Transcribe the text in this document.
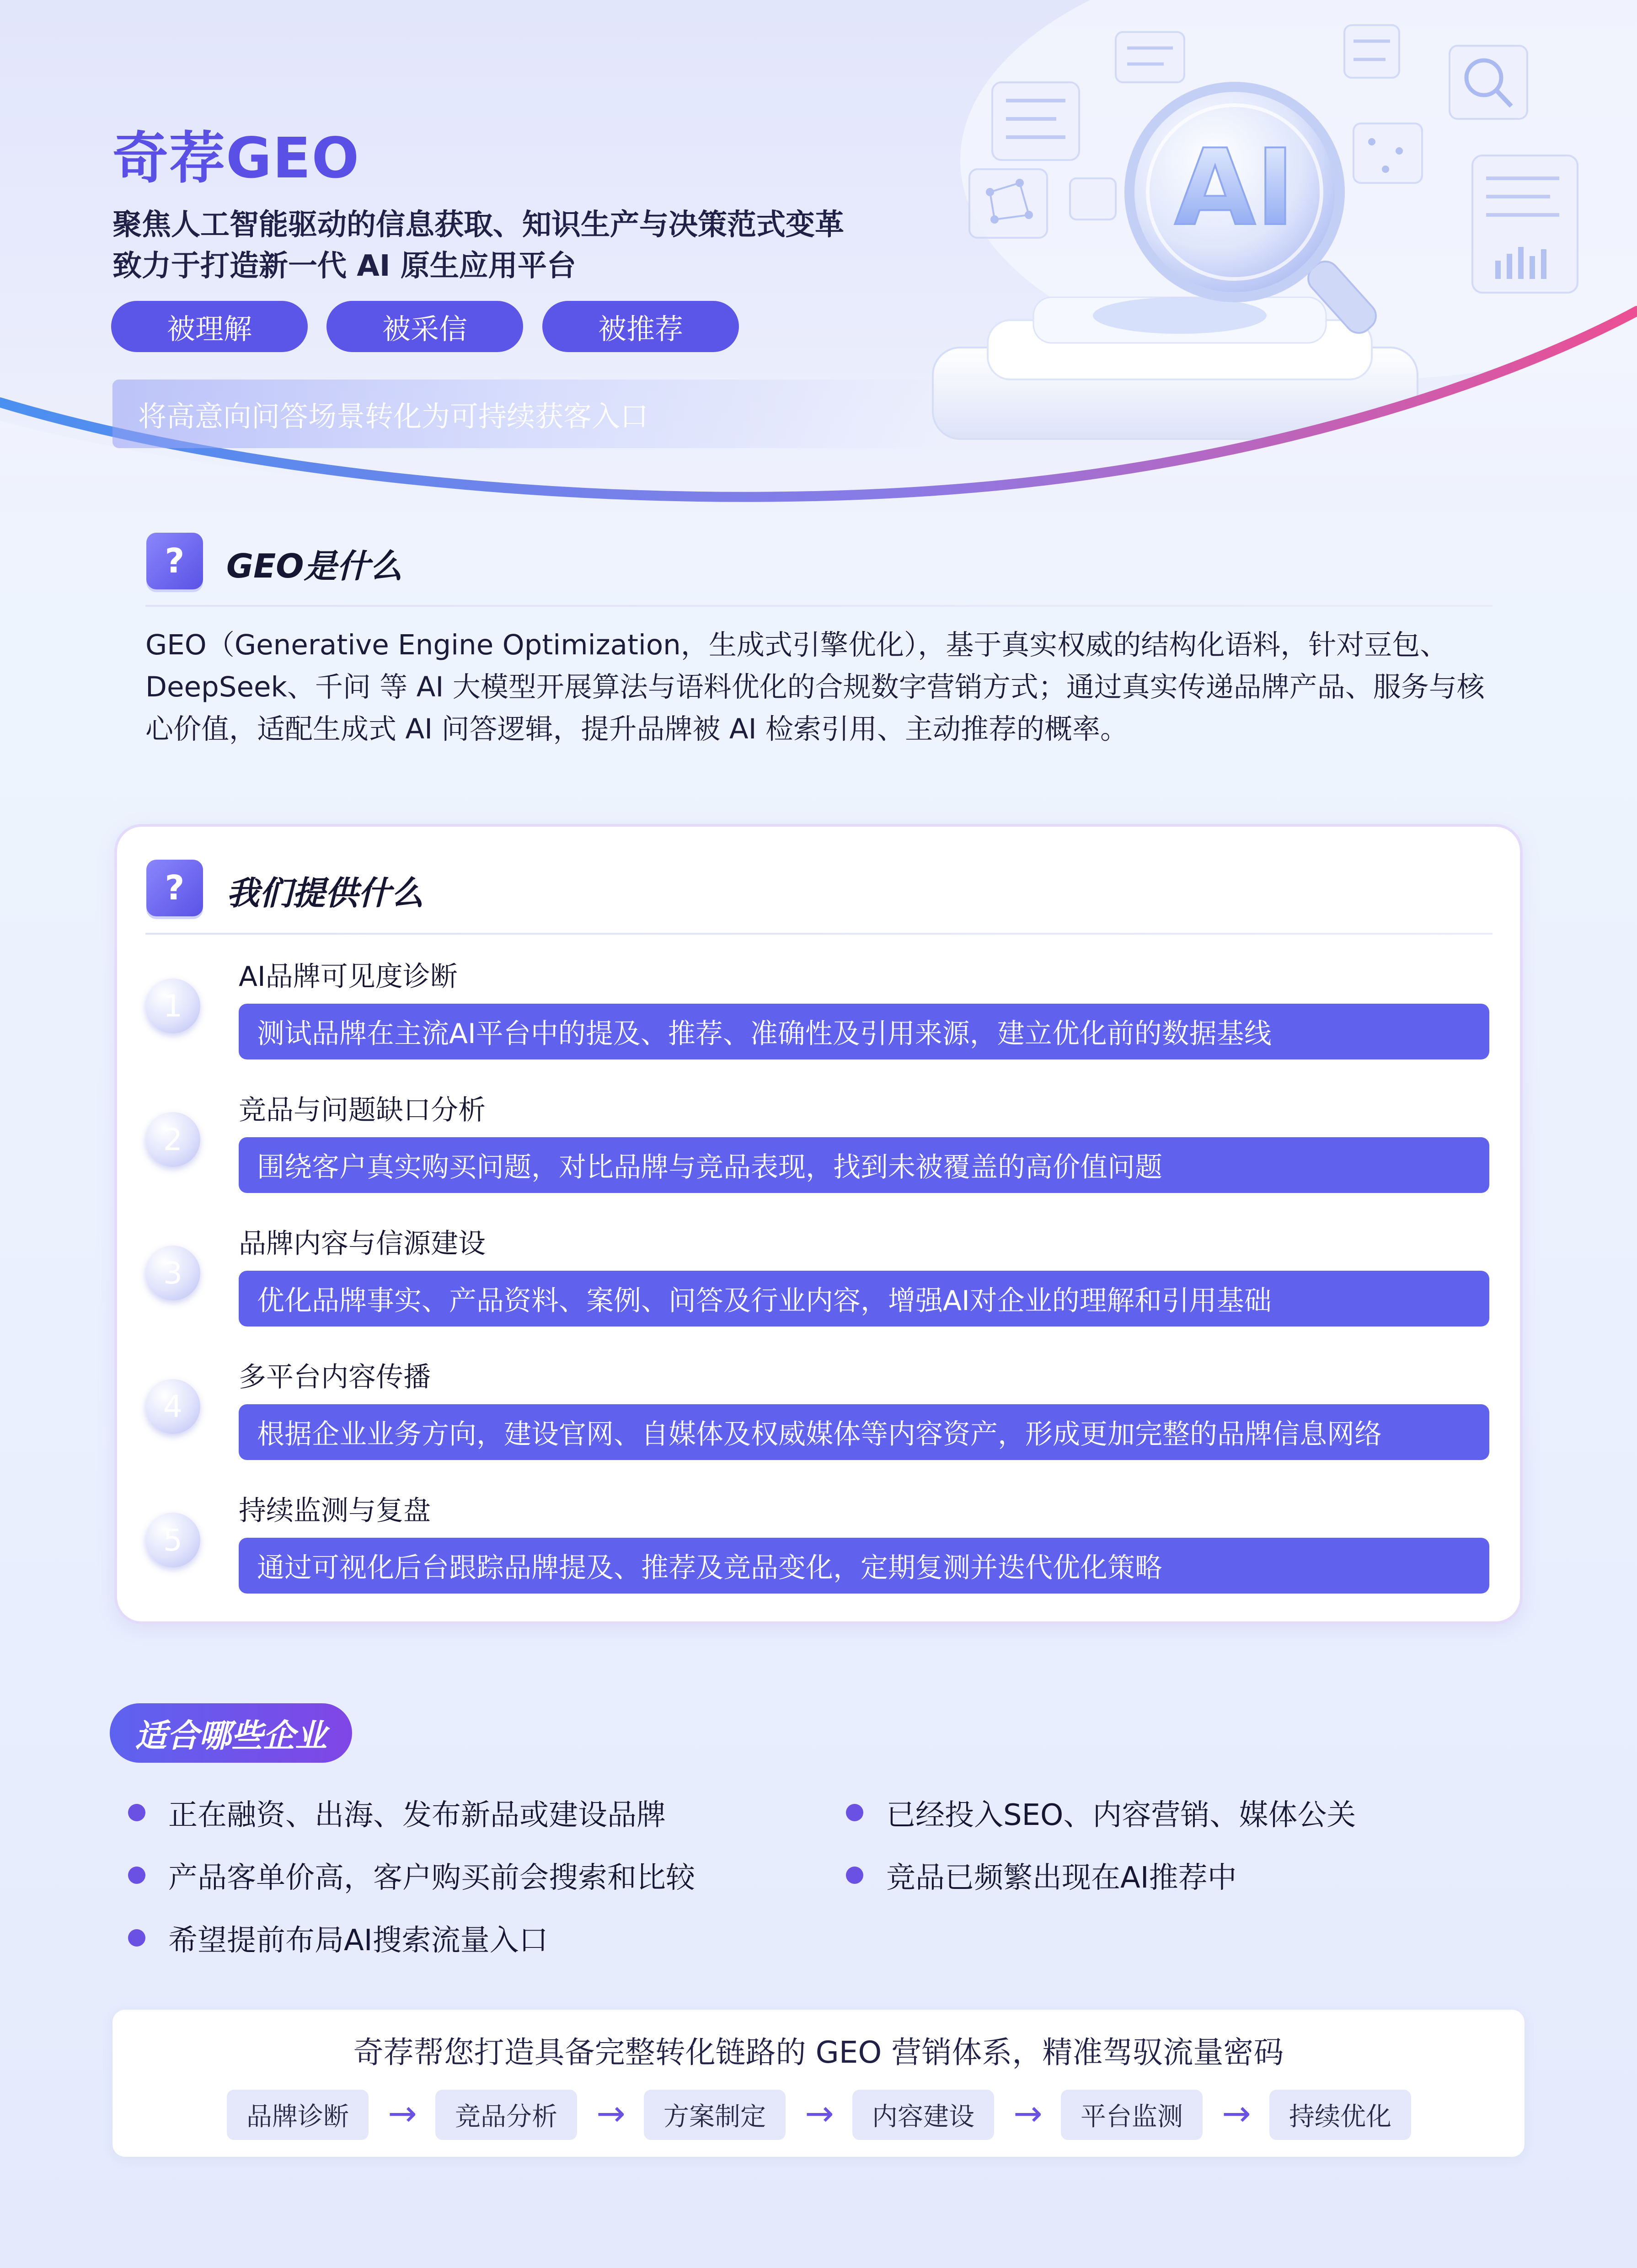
AI
奇荐GEO
聚焦人工智能驱动的信息获取、知识生产与决策范式变革
致力于打造新一代 AI 原生应用平台
被理解	被采信	被推荐
将高意向问答场景转化为可持续获客入口
?	GEO是什么
GEO（Generative Engine Optimization，生成式引擎优化），基于真实权威的结构化语料，针对豆包、DeepSeek、千问 等 AI 大模型开展算法与语料优化的合规数字营销方式；通过真实传递品牌产品、服务与核心价值，适配生成式 AI 问答逻辑，提升品牌被 AI 检索引用、主动推荐的概率。
?	我们提供什么
1
AI品牌可见度诊断
测试品牌在主流AI平台中的提及、推荐、准确性及引用来源，建立优化前的数据基线
2
竞品与问题缺口分析
围绕客户真实购买问题，对比品牌与竞品表现，找到未被覆盖的高价值问题
3
品牌内容与信源建设
优化品牌事实、产品资料、案例、问答及行业内容，增强AI对企业的理解和引用基础
4
多平台内容传播
根据企业业务方向，建设官网、自媒体及权威媒体等内容资产，形成更加完整的品牌信息网络
5
持续监测与复盘
通过可视化后台跟踪品牌提及、推荐及竞品变化，定期复测并迭代优化策略
适合哪些企业
正在融资、出海、发布新品或建设品牌
产品客单价高，客户购买前会搜索和比较
希望提前布局AI搜索流量入口
已经投入SEO、内容营销、媒体公关
竞品已频繁出现在AI推荐中
奇荐帮您打造具备完整转化链路的 GEO 营销体系，精准驾驭流量密码
品牌诊断	→	竞品分析	→	方案制定	→	内容建设	→	平台监测	→	持续优化
